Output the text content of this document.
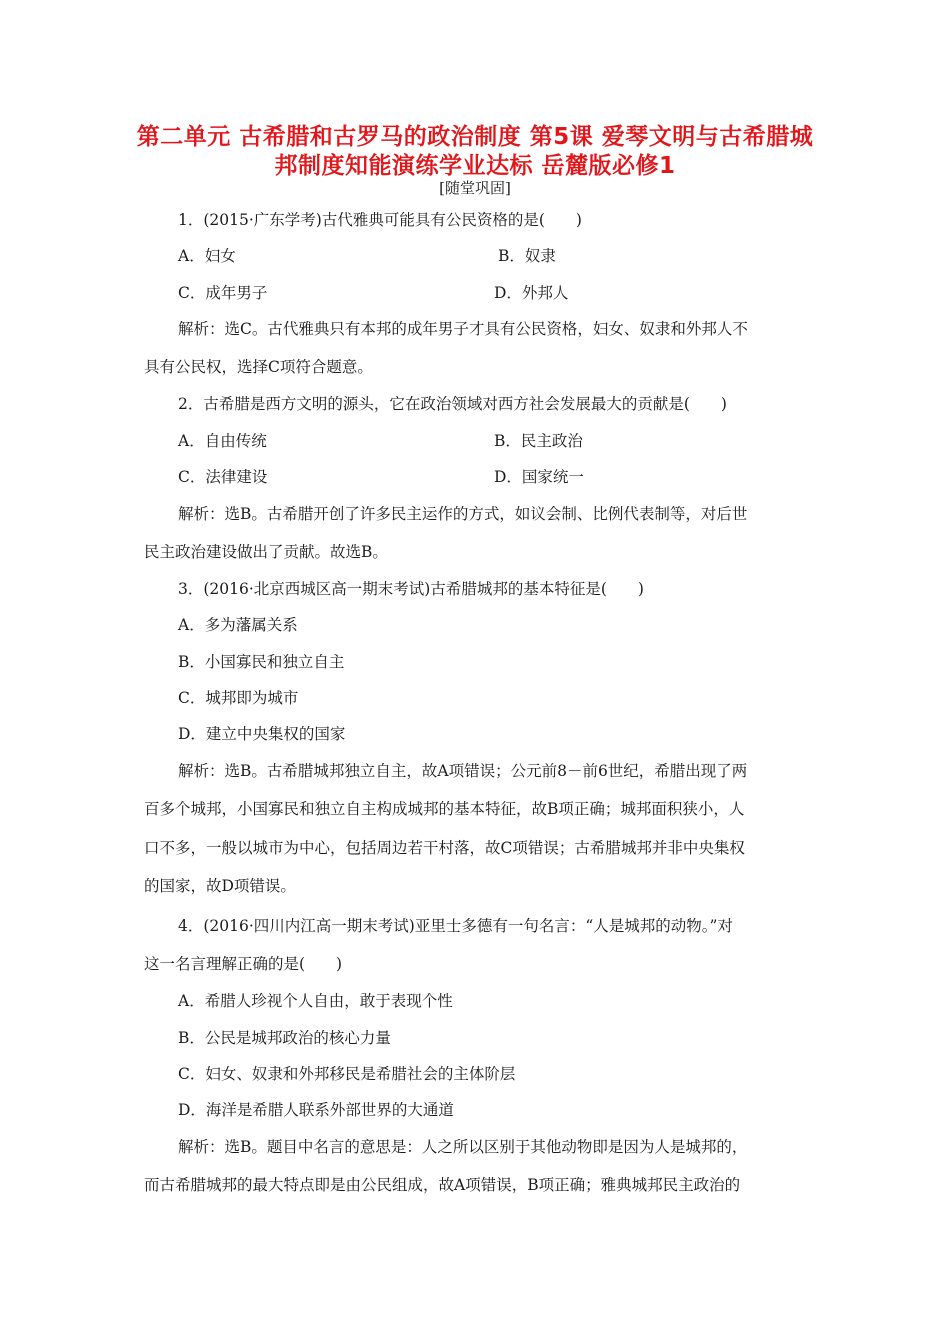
第二单元 古希腊和古罗马的政治制度 第5课 爱琴文明与古希腊城
邦制度知能演练学业达标 岳麓版必修1
[随堂巩固]
1．(2015·广东学考)古代雅典可能具有公民资格的是(　　)
A．妇女	B．奴隶
C．成年男子	D．外邦人
解析：选C。古代雅典只有本邦的成年男子才具有公民资格，妇女、奴隶和外邦人不
具有公民权，选择C项符合题意。
2．古希腊是西方文明的源头，它在政治领域对西方社会发展最大的贡献是(　　)
A．自由传统	B．民主政治
C．法律建设	D．国家统一
解析：选B。古希腊开创了许多民主运作的方式，如议会制、比例代表制等，对后世
民主政治建设做出了贡献。故选B。
3．(2016·北京西城区高一期末考试)古希腊城邦的基本特征是(　　)
A．多为藩属关系
B．小国寡民和独立自主
C．城邦即为城市
D．建立中央集权的国家
解析：选B。古希腊城邦独立自主，故A项错误；公元前8－前6世纪，希腊出现了两
百多个城邦，小国寡民和独立自主构成城邦的基本特征，故B项正确；城邦面积狭小，人
口不多，一般以城市为中心，包括周边若干村落，故C项错误；古希腊城邦并非中央集权
的国家，故D项错误。
4．(2016·四川内江高一期末考试)亚里士多德有一句名言：“人是城邦的动物。”对
这一名言理解正确的是(　　)
A．希腊人珍视个人自由，敢于表现个性
B．公民是城邦政治的核心力量
C．妇女、奴隶和外邦移民是希腊社会的主体阶层
D．海洋是希腊人联系外部世界的大通道
解析：选B。题目中名言的意思是：人之所以区别于其他动物即是因为人是城邦的，
而古希腊城邦的最大特点即是由公民组成，故A项错误，B项正确；雅典城邦民主政治的
